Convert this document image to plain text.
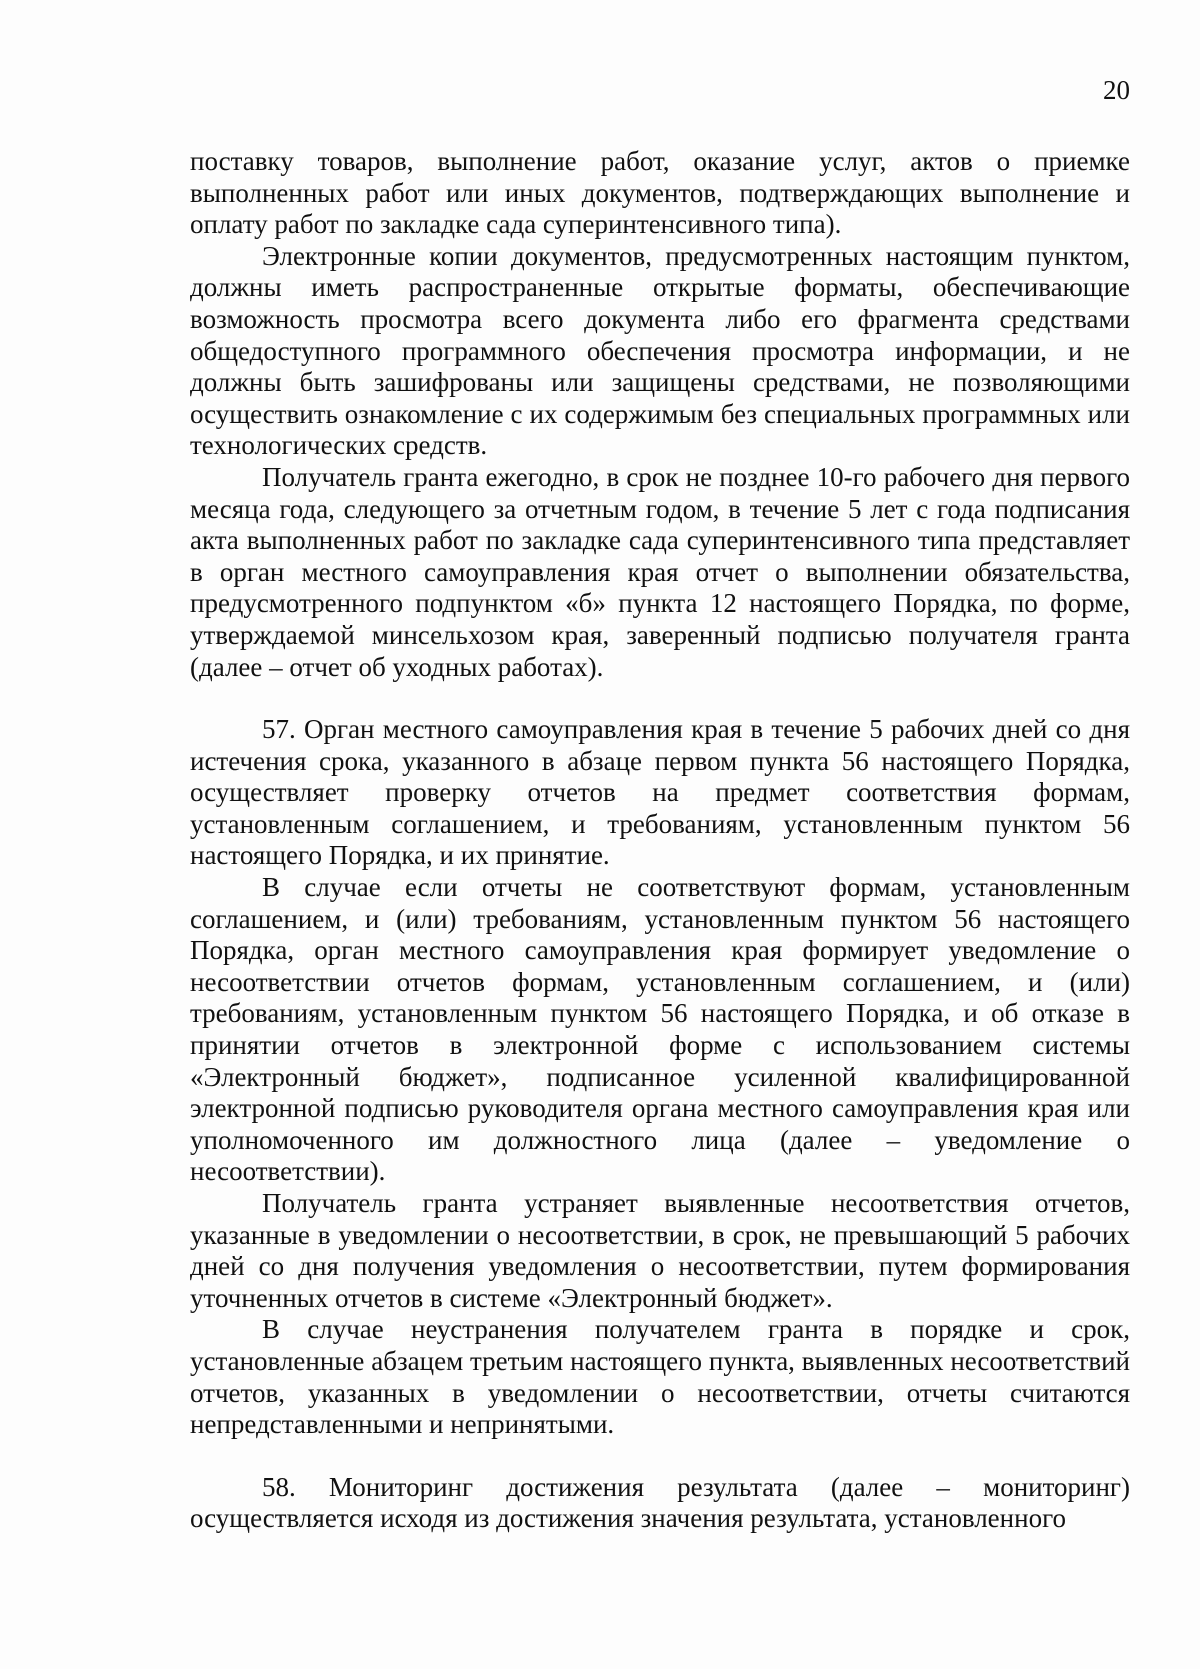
20

поставку товаров, выполнение работ, оказание услуг, актов о приемке выполненных работ или иных документов, подтверждающих выполнение и оплату работ по закладке сада суперинтенсивного типа).

Электронные копии документов, предусмотренных настоящим пунктом, должны иметь распространенные открытые форматы, обеспечивающие возможность просмотра всего документа либо его фрагмента средствами общедоступного программного обеспечения просмотра информации, и не должны быть зашифрованы или защищены средствами, не позволяющими осуществить ознакомление с их содержимым без специальных программных или технологических средств.

Получатель гранта ежегодно, в срок не позднее 10-го рабочего дня первого месяца года, следующего за отчетным годом, в течение 5 лет с года подписания акта выполненных работ по закладке сада суперинтенсивного типа представляет в орган местного самоуправления края отчет о выполнении обязательства, предусмотренного подпунктом «б» пункта 12 настоящего Порядка, по форме, утверждаемой минсельхозом края, заверенный подписью получателя гранта (далее – отчет об уходных работах).

57. Орган местного самоуправления края в течение 5 рабочих дней со дня истечения срока, указанного в абзаце первом пункта 56 настоящего Порядка, осуществляет проверку отчетов на предмет соответствия формам, установленным соглашением, и требованиям, установленным пунктом 56 настоящего Порядка, и их принятие.

В случае если отчеты не соответствуют формам, установленным соглашением, и (или) требованиям, установленным пунктом 56 настоящего Порядка, орган местного самоуправления края формирует уведомление о несоответствии отчетов формам, установленным соглашением, и (или) требованиям, установленным пунктом 56 настоящего Порядка, и об отказе в принятии отчетов в электронной форме с использованием системы «Электронный бюджет», подписанное усиленной квалифицированной электронной подписью руководителя органа местного самоуправления края или уполномоченного им должностного лица (далее – уведомление о несоответствии).

Получатель гранта устраняет выявленные несоответствия отчетов, указанные в уведомлении о несоответствии, в срок, не превышающий 5 рабочих дней со дня получения уведомления о несоответствии, путем формирования уточненных отчетов в системе «Электронный бюджет».

В случае неустранения получателем гранта в порядке и срок, установленные абзацем третьим настоящего пункта, выявленных несоответствий отчетов, указанных в уведомлении о несоответствии, отчеты считаются непредставленными и непринятыми.

58. Мониторинг достижения результата (далее – мониторинг) осуществляется исходя из достижения значения результата, установленного
